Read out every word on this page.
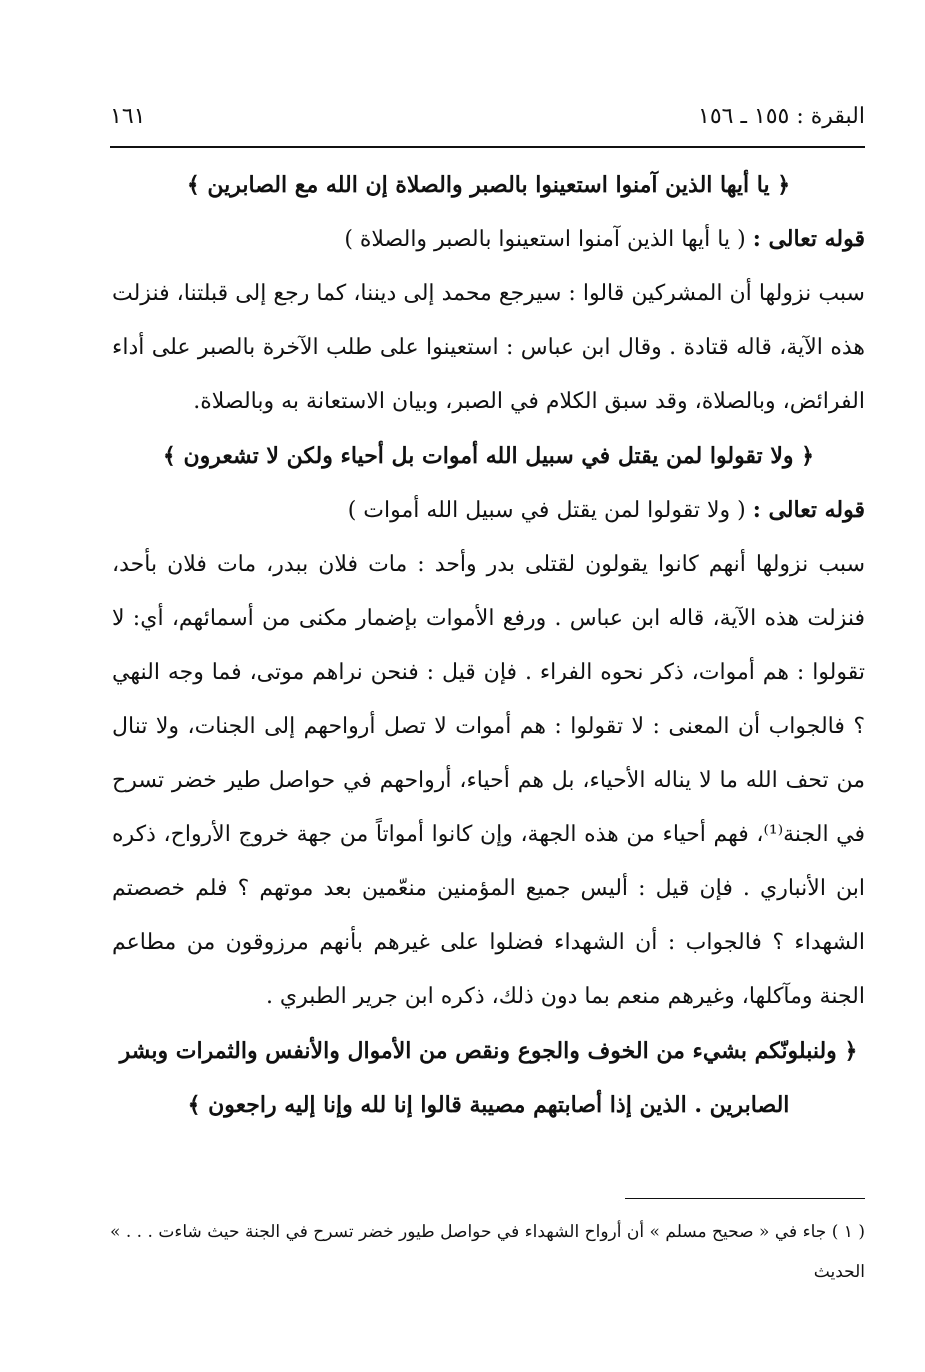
البقرة : ١٥٥ ـ ١٥٦
١٦١

﴿ يا أيها الذين آمنوا استعينوا بالصبر والصلاة إن الله مع الصابرين ﴾

قوله تعالى : ( يا أيها الذين آمنوا استعينوا بالصبر والصلاة )

سبب نزولها أن المشركين قالوا : سيرجع محمد إلى ديننا، كما رجع إلى قبلتنا، فنزلت هذه الآية، قاله قتادة . وقال ابن عباس : استعينوا على طلب الآخرة بالصبر على أداء الفرائض، وبالصلاة، وقد سبق الكلام في الصبر، وبيان الاستعانة به وبالصلاة.

﴿ ولا تقولوا لمن يقتل في سبيل الله أموات بل أحياء ولكن لا تشعرون ﴾

قوله تعالى : ( ولا تقولوا لمن يقتل في سبيل الله أموات )

سبب نزولها أنهم كانوا يقولون لقتلى بدر وأحد : مات فلان ببدر، مات فلان بأحد، فنزلت هذه الآية، قاله ابن عباس . ورفع الأموات بإضمار مكنى من أسمائهم، أي: لا تقولوا : هم أموات، ذكر نحوه الفراء . فإن قيل : فنحن نراهم موتى، فما وجه النهي ؟ فالجواب أن المعنى : لا تقولوا : هم أموات لا تصل أرواحهم إلى الجنات، ولا تنال من تحف الله ما لا يناله الأحياء، بل هم أحياء، أرواحهم في حواصل طير خضر تسرح في الجنة⁽¹⁾، فهم أحياء من هذه الجهة، وإن كانوا أمواتاً من جهة خروج الأرواح، ذكره ابن الأنباري . فإن قيل : أليس جميع المؤمنين منعّمين بعد موتهم ؟ فلم خصصتم الشهداء ؟ فالجواب : أن الشهداء فضلوا على غيرهم بأنهم مرزوقون من مطاعم الجنة ومآكلها، وغيرهم منعم بما دون ذلك، ذكره ابن جرير الطبري .

﴿ ولنبلونّكم بشيء من الخوف والجوع ونقص من الأموال والأنفس والثمرات وبشر الصابرين . الذين إذا أصابتهم مصيبة قالوا إنا لله وإنا إليه راجعون ﴾

( ١ ) جاء في « صحيح مسلم » أن أرواح الشهداء في حواصل طيور خضر تسرح في الجنة حيث شاءت . . . » الحديث
